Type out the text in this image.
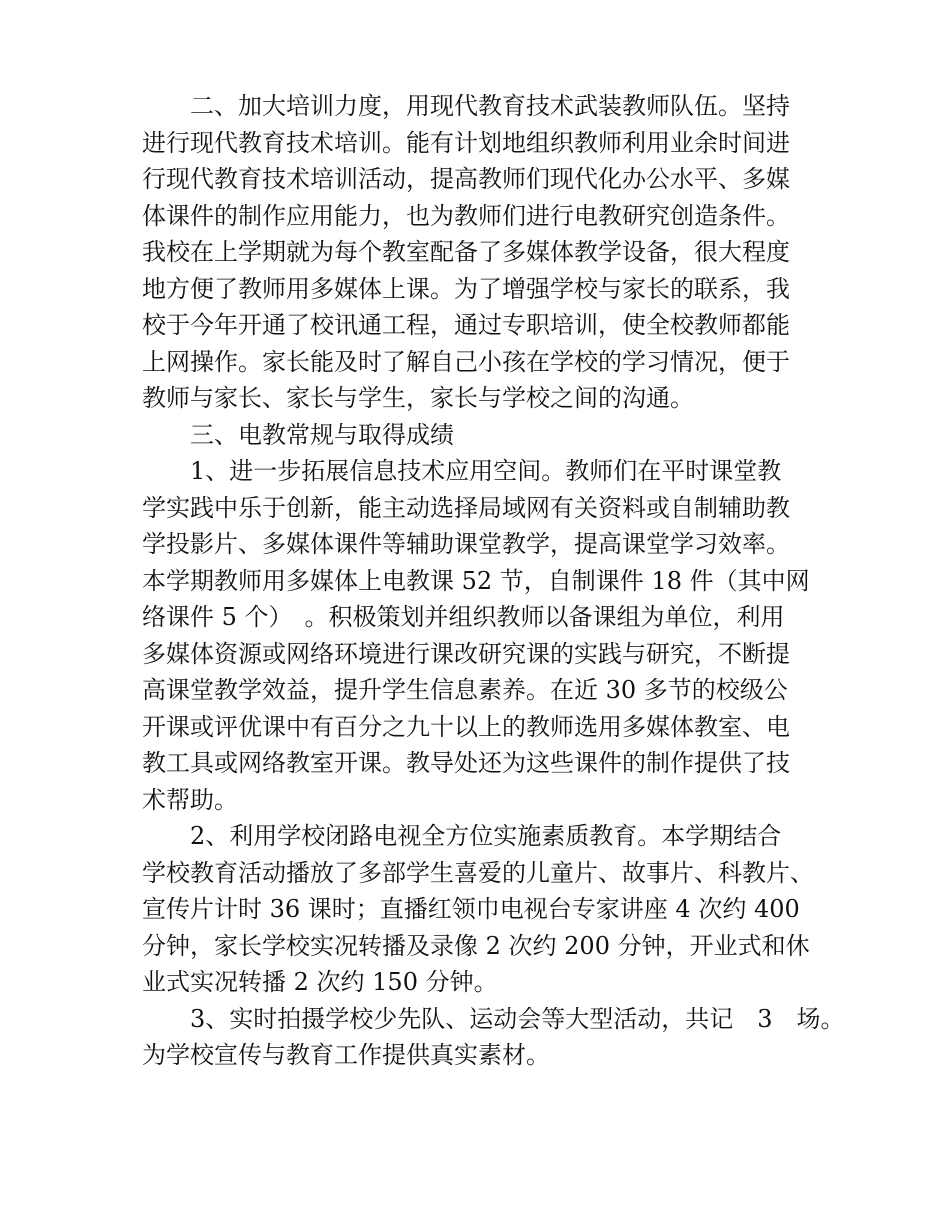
二、加大培训力度，用现代教育技术武装教师队伍。坚持
进行现代教育技术培训。能有计划地组织教师利用业余时间进
行现代教育技术培训活动，提高教师们现代化办公水平、多媒
体课件的制作应用能力，也为教师们进行电教研究创造条件。
我校在上学期就为每个教室配备了多媒体教学设备，很大程度
地方便了教师用多媒体上课。为了增强学校与家长的联系，我
校于今年开通了校讯通工程，通过专职培训，使全校教师都能
上网操作。家长能及时了解自己小孩在学校的学习情况，便于
教师与家长、家长与学生，家长与学校之间的沟通。
三、电教常规与取得成绩
1、进一步拓展信息技术应用空间。教师们在平时课堂教
学实践中乐于创新，能主动选择局域网有关资料或自制辅助教
学投影片、多媒体课件等辅助课堂教学，提高课堂学习效率。
本学期教师用多媒体上电教课 52 节，自制课件 18 件（其中网
络课件 5 个）　。积极策划并组织教师以备课组为单位，利用
多媒体资源或网络环境进行课改研究课的实践与研究，不断提
高课堂教学效益，提升学生信息素养。在近 30 多节的校级公
开课或评优课中有百分之九十以上的教师选用多媒体教室、电
教工具或网络教室开课。教导处还为这些课件的制作提供了技
术帮助。
2、利用学校闭路电视全方位实施素质教育。本学期结合
学校教育活动播放了多部学生喜爱的儿童片、故事片、科教片、
宣传片计时 36 课时；直播红领巾电视台专家讲座 4 次约 400
分钟，家长学校实况转播及录像 2 次约 200 分钟，开业式和休
业式实况转播 2 次约 150 分钟。
3、实时拍摄学校少先队、运动会等大型活动，共记　3　场。
为学校宣传与教育工作提供真实素材。
